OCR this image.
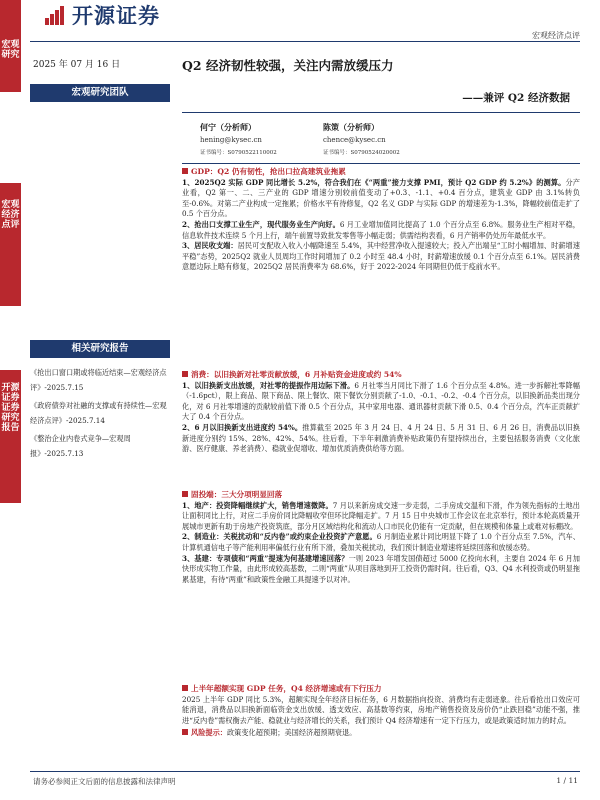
宏观研究
宏观经济点评
开源证券 证券研究报告
开源证券
宏观经济点评
2025 年 07 月 16 日
宏观研究团队
相关研究报告
《抢出口窗口期或将临近结束—宏观经济点评》-2025.7.15
《政府债券对社融的支撑或有持续性—宏观经济点评》-2025.7.14
《整治企业内卷式竞争—宏观周报》-2025.7.13
Q2 经济韧性较强，关注内需放缓压力
——兼评 Q2 经济数据
何宁（分析师）
hening@kysec.cn
证书编号：S0790522110002
陈策（分析师）
chence@kysec.cn
证书编号：S0790524020002
GDP：Q2 仍有韧性，抢出口拉高建筑业拖累

1、2025Q2 实际 GDP 同比增长 5.2%，符合我们在《“两重”接力支撑 PMI，预计 Q2 GDP 约 5.2%》的测算。分产业看，Q2 第一、二、三产业的 GDP 增速分别较前值变动了+0.3、-1.1、+0.4 百分点，建筑业 GDP 由 3.1%转负至-0.6%。对第二产业构成一定拖累；价格水平有待修复，Q2 名义 GDP 与实际 GDP 的增速差为-1.3%，降幅较前值走扩了 0.5 个百分点。

2、抢出口支撑工业生产，现代服务业生产向好。6 月工业增加值同比提高了 1.0 个百分点至 6.8%。服务业生产相对平稳，信息软件技术连续 5 个月上行，端午前置导致批发零售等小幅走弱；供需结构表看，6 月产销率仍处历年最低水平。

3、居民收支端：居民可支配收入收入小幅降速至 5.4%，其中经营净收入提速较大；投入产出端呈“工时小幅增加、时薪增速平稳”态势，2025Q2 就业人员周均工作时间增加了 0.2 小时至 48.4 小时，时薪增速放缓 0.1 个百分点至 6.1%。居民消费意愿边际上略有修复，2025Q2 居民消费率为 68.6%，好于 2022-2024 年同期但仍低于疫前水平。

消费：以旧换新对社零贡献放缓，6 月补贴资金进度或约 54%

1、以旧换新支出放缓，对社零的提振作用边际下滑。6 月社零当月同比下滑了 1.6 个百分点至 4.8%。进一步拆解社零降幅（-1.6pct），限上商品、限下商品、限上餐饮、限下餐饮分别贡献了-1.0、-0.1、-0.2、-0.4 个百分点，以旧换新品类出现分化，对 6 月社零增速的贡献较前值下滑 0.5 个百分点，其中家用电器、通讯器材贡献下滑 0.5、0.4 个百分点，汽车正贡献扩大了 0.4 个百分点。

2、6 月以旧换新支出进度约 54%。推算截至 2025 年 3 月 24 日、4 月 24 日、5 月 31 日、6 月 26 日，消费品以旧换新进度分别约 15%、28%、42%、54%。往后看，下半年刺激消费补贴政策仍有望持续出台，主要包括服务消费（文化旅游、医疗健康、养老消费）、稳就业促增收、增加优质消费供给等方面。

固投端：三大分项明显回落

1、地产：投资降幅继续扩大，销售增速微降。7 月以来新房成交速一步走弱，二手房成交温和下滑，作为领先指标的土地出让面积同比上行，对应二手房价同比降幅收窄但环比降幅走扩。7 月 15 日中央城市工作会议在北京举行，预计本轮高质量开展城市更新有助于房地产投资筑底，部分月区域结构化和流动人口市民化仍能有一定贡献，但在规模和体量上或难对标棚改。

2、制造业：关税扰动和“反内卷”或约束企业投资扩产意愿。6 月制造业累计同比明显下降了 1.0 个百分点至 7.5%，汽车、计算机通信电子等产能利用率偏低行业有所下滑，叠加关税扰动，我们预计制造业增速将延续回落和放缓态势。

3、基建：专项债和“两重”提速为何基建增速回落？一则 2023 年增发国债超过 5000 亿投向水利，主要自 2024 年 6 月加快形成实物工作量，由此形成较高基数，二则“两重”从项目落地到开工投资仍需时间。往后看，Q3、Q4 水利投资或仍明显拖累基建，有待“两重”和政策性金融工具提速予以对冲。

上半年超额实现 GDP 任务，Q4 经济增速或有下行压力

2025 上半年 GDP 同比 5.3%，超额实现全年经济目标任务，6 月数据指向投资、消费均有走弱迹象。往后看抢出口效应可能消退，消费品以旧换新面临资金支出放缓、透支效应、高基数等约束，房地产销售投资及房价仍“止跌回稳”动能不强，推进“反内卷”需权衡去产能、稳就业与经济增长的关系，我们预计 Q4 经济增速有一定下行压力，或是政策适时加力的时点。

风险提示：政策变化超预期；美国经济超预期衰退。

请务必参阅正文后面的信息披露和法律声明	1 / 11
